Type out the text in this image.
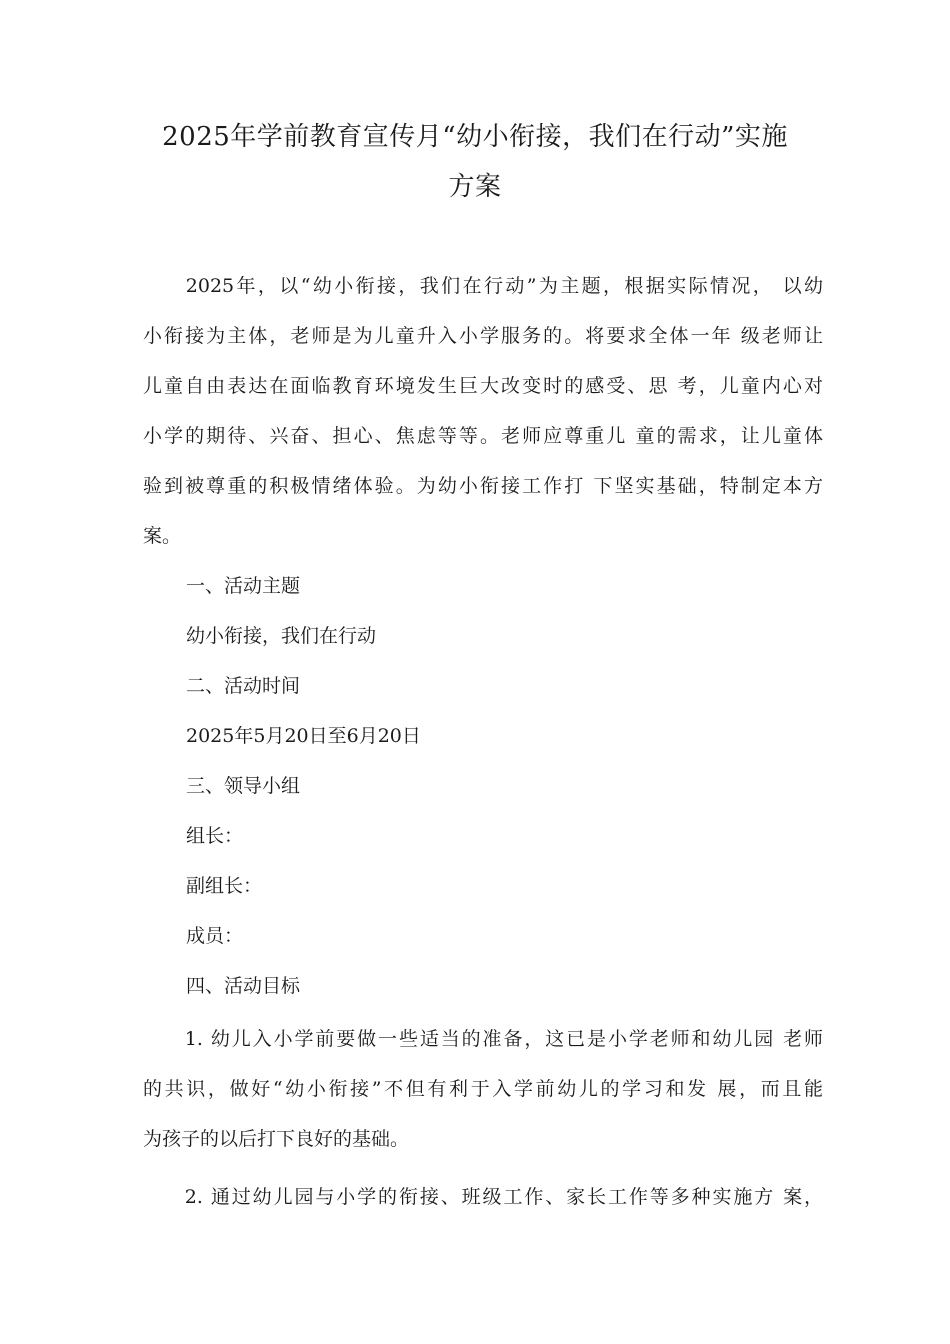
2025年学前教育宣传月“幼小衔接，我们在行动”实施
方案
　　2025年，以“幼小衔接，我们在行动”为主题，根据实际情况， 以幼
小衔接为主体，老师是为儿童升入小学服务的。将要求全体一年 级老师让
儿童自由表达在面临教育环境发生巨大改变时的感受、思 考，儿童内心对
小学的期待、兴奋、担心、焦虑等等。老师应尊重儿 童的需求，让儿童体
验到被尊重的积极情绪体验。为幼小衔接工作打 下坚实基础，特制定本方
案。
一、活动主题
幼小衔接，我们在行动
二、活动时间
2025年5月20日至6月20日
三、领导小组
组长：
副组长：
成员：
四、活动目标
　　1. 幼儿入小学前要做一些适当的准备，这已是小学老师和幼儿园 老师
的共识，做好“幼小衔接”不但有利于入学前幼儿的学习和发 展，而且能
为孩子的以后打下良好的基础。
　　2. 通过幼儿园与小学的衔接、班级工作、家长工作等多种实施方 案，
